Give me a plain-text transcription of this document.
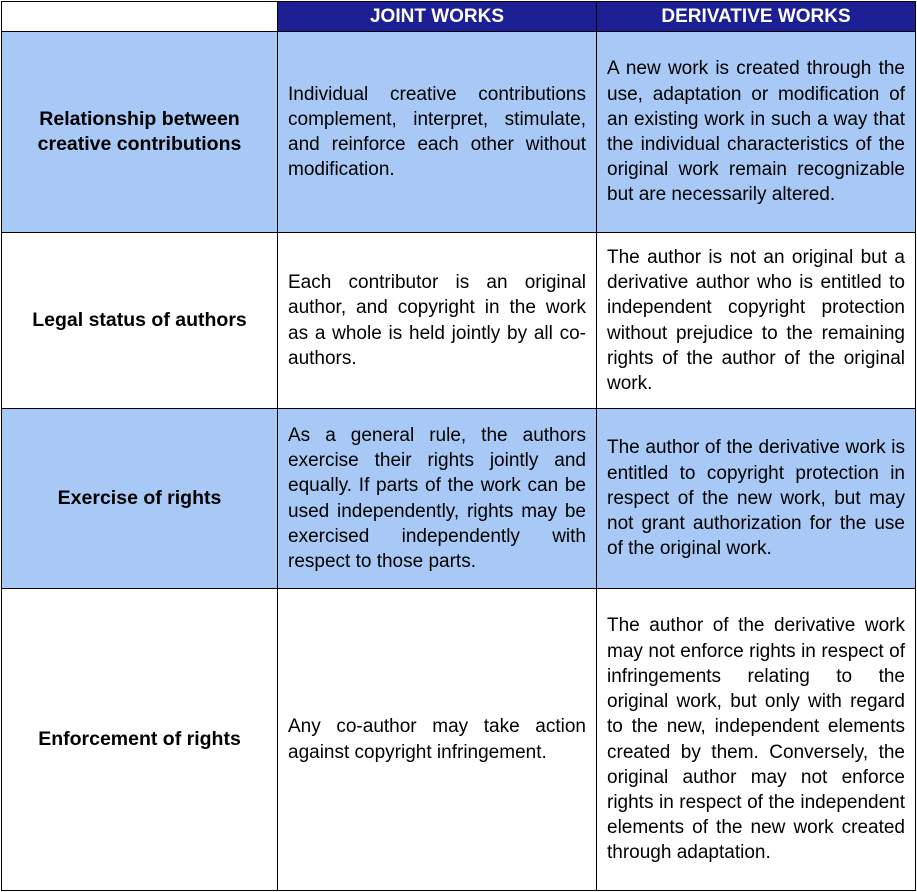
	JOINT WORKS	DERIVATIVE WORKS
Relationship between creative contributions	Individual creative contributions complement, interpret, stimulate, and reinforce each other without modification.	A new work is created through the use, adaptation or modification of an existing work in such a way that the individual characteristics of the original work remain recognizable but are necessarily altered.

Legal status of authors	Each contributor is an original author, and copyright in the work as a whole is held jointly by all co-authors.	The author is not an original but a derivative author who is entitled to independent copyright protection without prejudice to the remaining rights of the author of the original work.

Exercise of rights	As a general rule, the authors exercise their rights jointly and equally. If parts of the work can be used independently, rights may be exercised independently with respect to those parts.	The author of the derivative work is entitled to copyright protection in respect of the new work, but may not grant authorization for the use of the original work.

Enforcement of rights	Any co-author may take action against copyright infringement.	The author of the derivative work may not enforce rights in respect of infringements relating to the original work, but only with regard to the new, independent elements created by them. Conversely, the original author may not enforce rights in respect of the independent elements of the new work created through adaptation.
